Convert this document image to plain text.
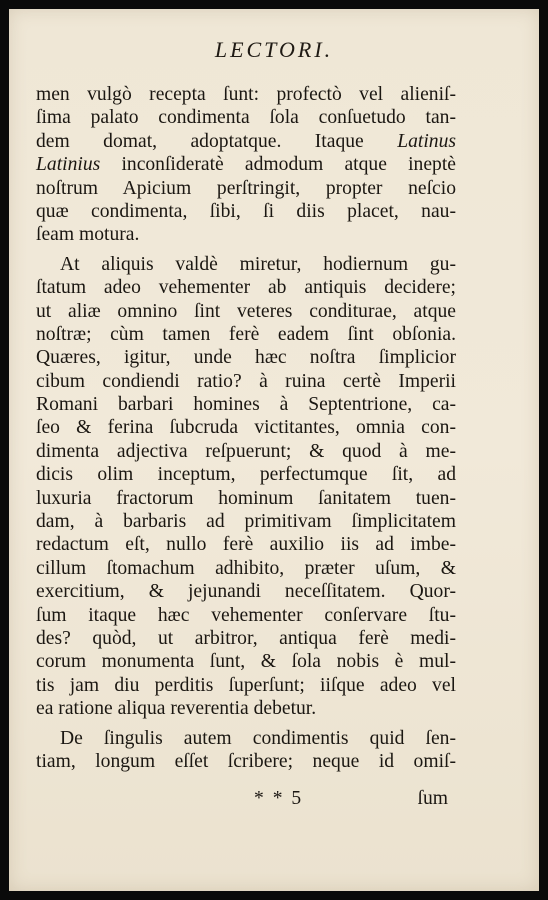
LECTORI.
men vulgò recepta ſunt: profectò vel alieniſ-
ſima palato condimenta ſola conſuetudo tan-
dem domat, adoptatque. Itaque Latinus
Latinius inconſideratè admodum atque ineptè
noſtrum Apicium perſtringit, propter neſcio
quæ condimenta, ſibi, ſi diis placet, nau-
ſeam motura.
At aliquis valdè miretur, hodiernum gu-
ſtatum adeo vehementer ab antiquis decidere;
ut aliæ omnino ſint veteres conditurae, atque
noſtræ; cùm tamen ferè eadem ſint obſonia.
Quæres, igitur, unde hæc noſtra ſimplicior
cibum condiendi ratio? à ruina certè Imperii
Romani barbari homines à Septentrione, ca-
ſeo & ferina ſubcruda victitantes, omnia con-
dimenta adjectiva reſpuerunt; & quod à me-
dicis olim inceptum, perfectumque ſit, ad
luxuria fractorum hominum ſanitatem tuen-
dam, à barbaris ad primitivam ſimplicitatem
redactum eſt, nullo ferè auxilio iis ad imbe-
cillum ſtomachum adhibito, præter uſum, &
exercitium, & jejunandi neceſſitatem. Quor-
ſum itaque hæc vehementer conſervare ſtu-
des? quòd, ut arbitror, antiqua ferè medi-
corum monumenta ſunt, & ſola nobis è mul-
tis jam diu perditis ſuperſunt; iiſque adeo vel
ea ratione aliqua reverentia debetur.
De ſingulis autem condimentis quid ſen-
tiam, longum eſſet ſcribere; neque id omiſ-
* * 5	ſum
